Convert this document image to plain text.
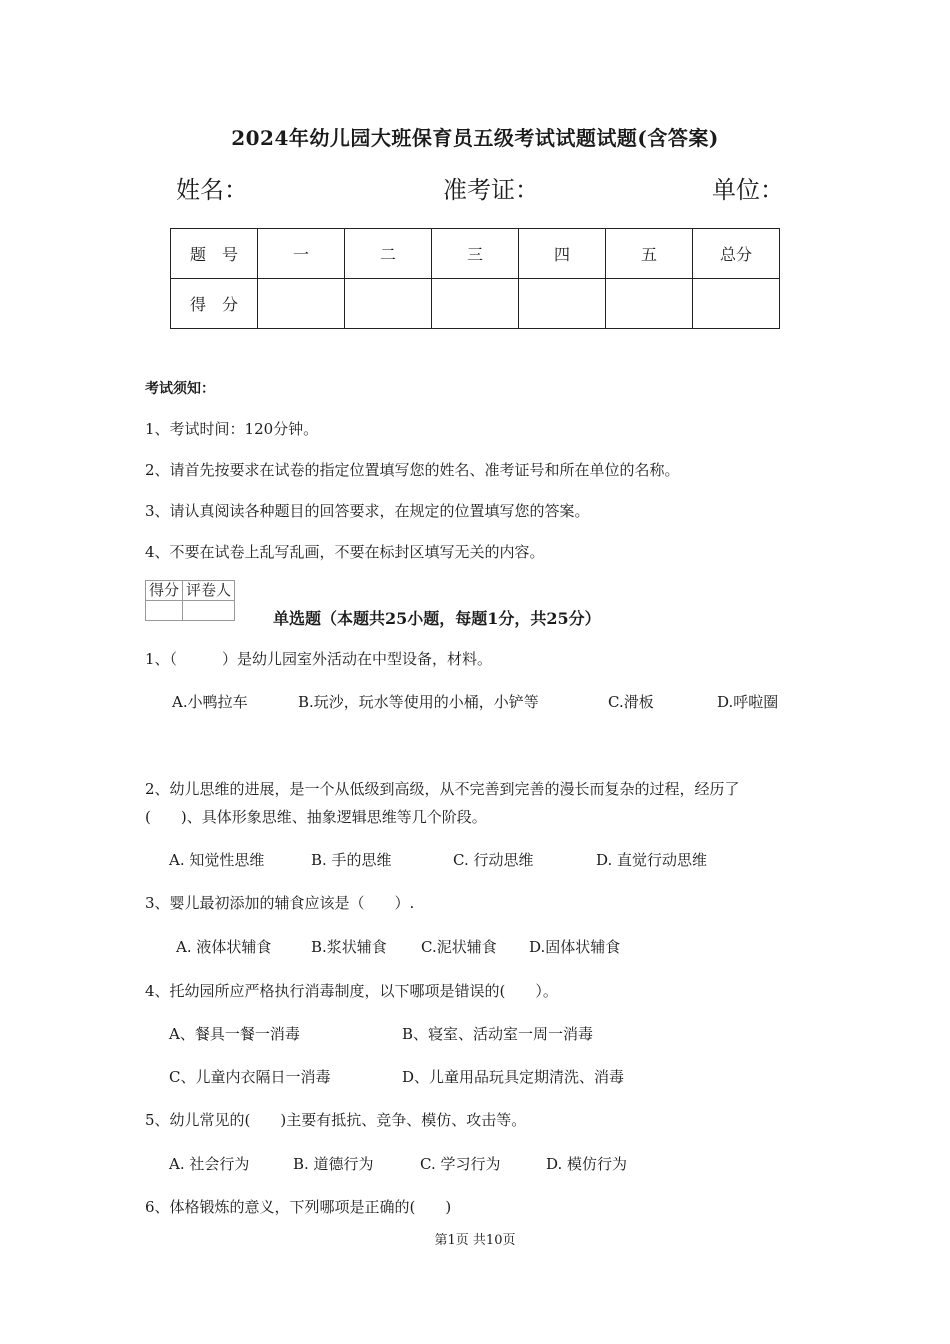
2024年幼儿园大班保育员五级考试试题试题(含答案)
姓名：	准考证：	单位：
题　号	一	二	三	四	五	总分
得　分						
考试须知：
1、考试时间：120分钟。
2、请首先按要求在试卷的指定位置填写您的姓名、准考证号和所在单位的名称。
3、请认真阅读各种题目的回答要求，在规定的位置填写您的答案。
4、不要在试卷上乱写乱画，不要在标封区填写无关的内容。
得分	评卷人

单选题（本题共25小题，每题1分，共25分）
1、（　　　）是幼儿园室外活动在中型设备，材料。
A.小鸭拉车	B.玩沙，玩水等使用的小桶，小铲等	C.滑板	D.呼啦圈
2、幼儿思维的进展，是一个从低级到高级，从不完善到完善的漫长而复杂的过程，经历了
(　　)、具体形象思维、抽象逻辑思维等几个阶段。
A. 知觉性思维	B. 手的思维	C. 行动思维	D. 直觉行动思维
3、婴儿最初添加的辅食应该是（　　）.
A. 液体状辅食	B.浆状辅食 C.泥状辅食 D.固体状辅食
4、托幼园所应严格执行消毒制度，以下哪项是错误的(　　）。
A、餐具一餐一消毒	B、寝室、活动室一周一消毒
C、儿童内衣隔日一消毒	D、儿童用品玩具定期清洗、消毒
5、幼儿常见的(　　)主要有抵抗、竞争、模仿、攻击等。
A. 社会行为	B. 道德行为	C. 学习行为	D. 模仿行为
6、体格锻炼的意义，下列哪项是正确的(　　)
第1页 共10页
